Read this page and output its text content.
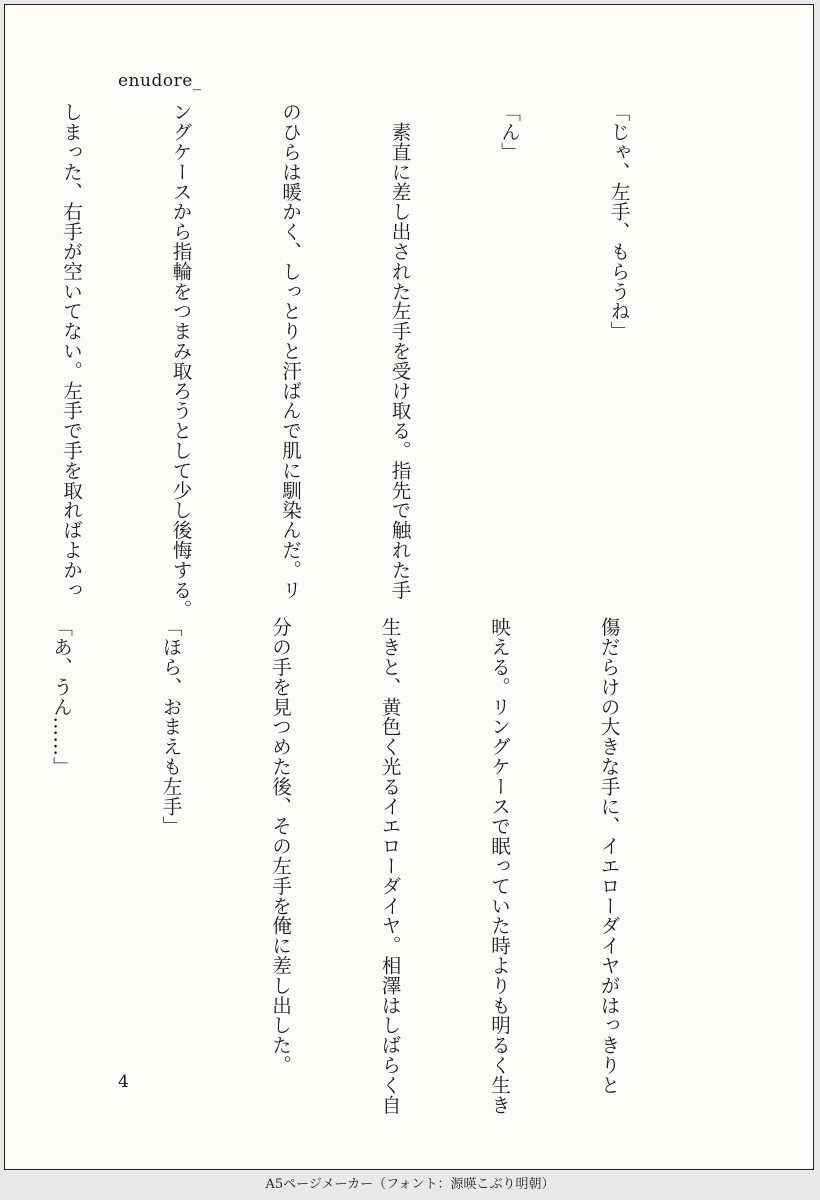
enudore_

「じゃ、左手、もらうね」

「ん」

　素直に差し出された左手を受け取る。指先で触れた手

のひらは暖かく、しっとりと汗ばんで肌に馴染んだ。リ

ングケースから指輪をつまみ取ろうとして少し後悔する。

しまった、右手が空いてない。左手で手を取ればよかっ

傷だらけの大きな手に、イエローダイヤがはっきりと

映える。リングケースで眠っていた時よりも明るく生き

生きと、黄色く光るイエローダイヤ。相澤はしばらく自

分の手を見つめた後、その左手を俺に差し出した。

「ほら、おまえも左手」

「あ、うん……」

4
A5ページメーカー（フォント：源暎こぶり明朝）
